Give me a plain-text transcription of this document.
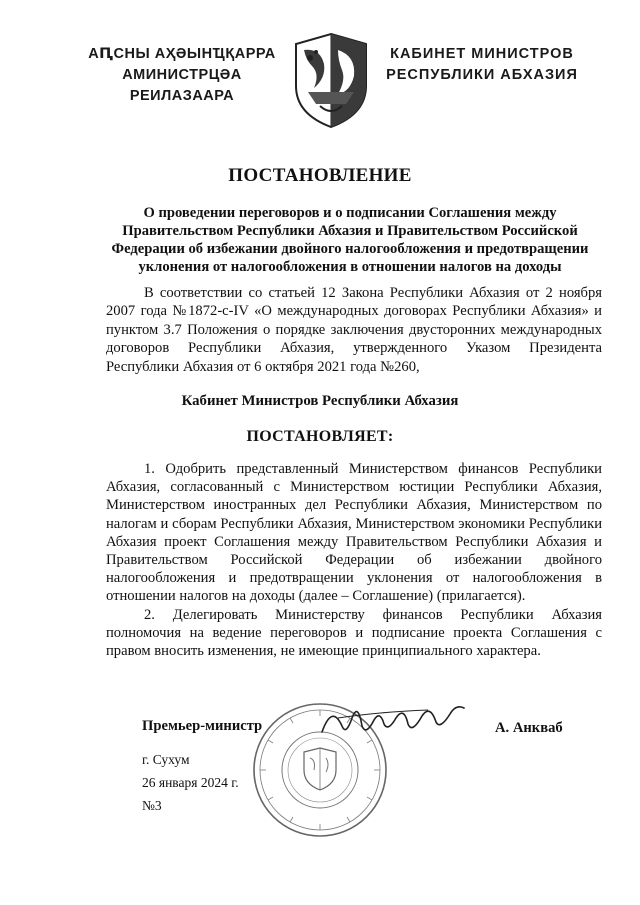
АԤСНЫ АҲӘЫНҴҚАРРА
АМИНИСТРЦӘА РЕИЛАЗААРА
КАБИНЕТ МИНИСТРОВ
РЕСПУБЛИКИ АБХАЗИЯ
ПОСТАНОВЛЕНИЕ
О проведении переговоров и о подписании Соглашения между Правительством Республики Абхазия и Правительством Российской Федерации об избежании двойного налогообложения и предотвращении уклонения от налогообложения в отношении налогов на доходы
В соответствии со статьей 12 Закона Республики Абхазия от 2 ноября 2007 года №1872-с-IV «О международных договорах Республики Абхазия» и пунктом 3.7 Положения о порядке заключения двусторонних международных договоров Республики Абхазия, утвержденного Указом Президента Республики Абхазия от 6 октября 2021 года №260,
Кабинет Министров Республики Абхазия
ПОСТАНОВЛЯЕТ:

1. Одобрить представленный Министерством финансов Республики Абхазия, согласованный с Министерством юстиции Республики Абхазия, Министерством иностранных дел Республики Абхазия, Министерством по налогам и сборам Республики Абхазия, Министерством экономики Республики Абхазия проект Соглашения между Правительством Республики Абхазия и Правительством Российской Федерации об избежании двойного налогообложения и предотвращении уклонения от налогообложения в отношении налогов на доходы (далее – Соглашение) (прилагается).

2. Делегировать Министерству финансов Республики Абхазия полномочия на ведение переговоров и подписание проекта Соглашения с правом вносить изменения, не имеющие принципиального характера.

Премьер-министр	А. Анкваб
г. Сухум
26 января 2024 г.
№3
